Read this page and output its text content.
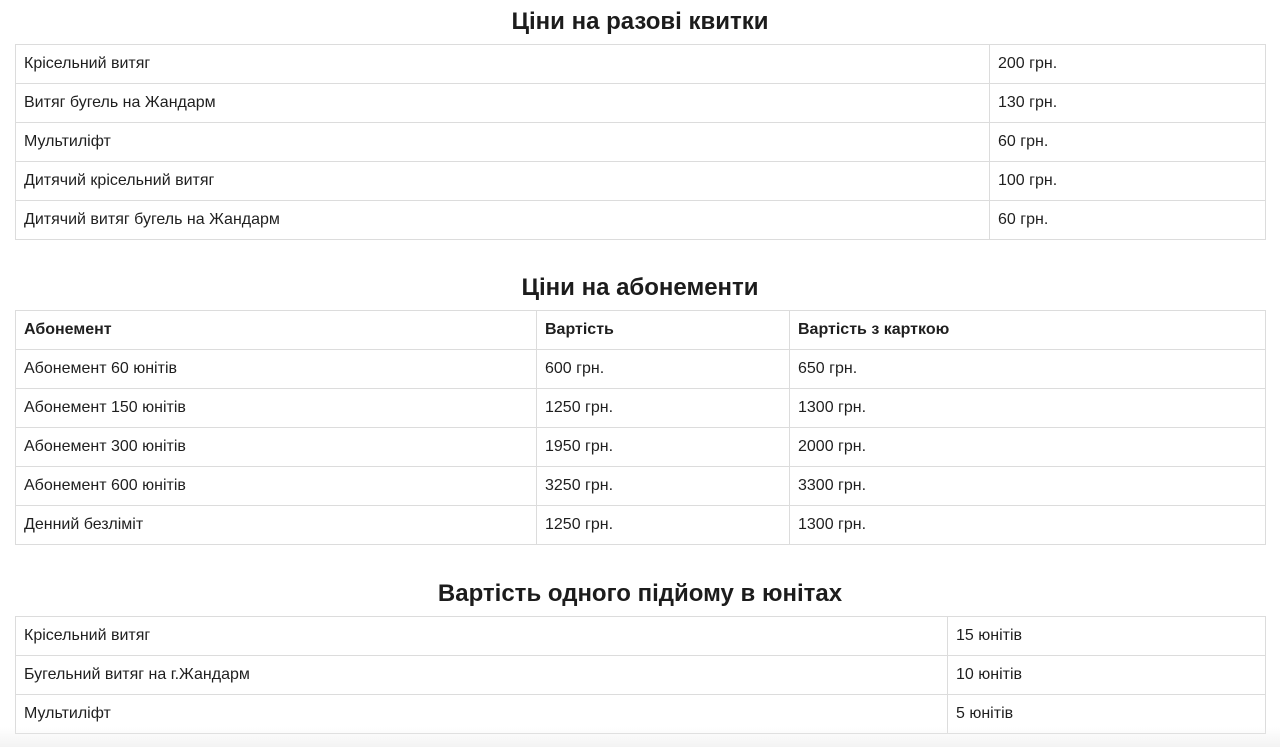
Ціни на разові квитки
Крісельний витяг	200 грн.
Витяг бугель на Жандарм	130 грн.
Мультиліфт	60 грн.
Дитячий крісельний витяг	100 грн.
Дитячий витяг бугель на Жандарм	60 грн.
Ціни на абонементи
Абонемент	Вартість	Вартість з карткою
Абонемент 60 юнітів	600 грн.	650 грн.
Абонемент 150 юнітів	1250 грн.	1300 грн.
Абонемент 300 юнітів	1950 грн.	2000 грн.
Абонемент 600 юнітів	3250 грн.	3300 грн.
Денний безліміт	1250 грн.	1300 грн.
Вартість одного підйому в юнітах
Крісельний витяг	15 юнітів
Бугельний витяг на г.Жандарм	10 юнітів
Мультиліфт	5 юнітів
